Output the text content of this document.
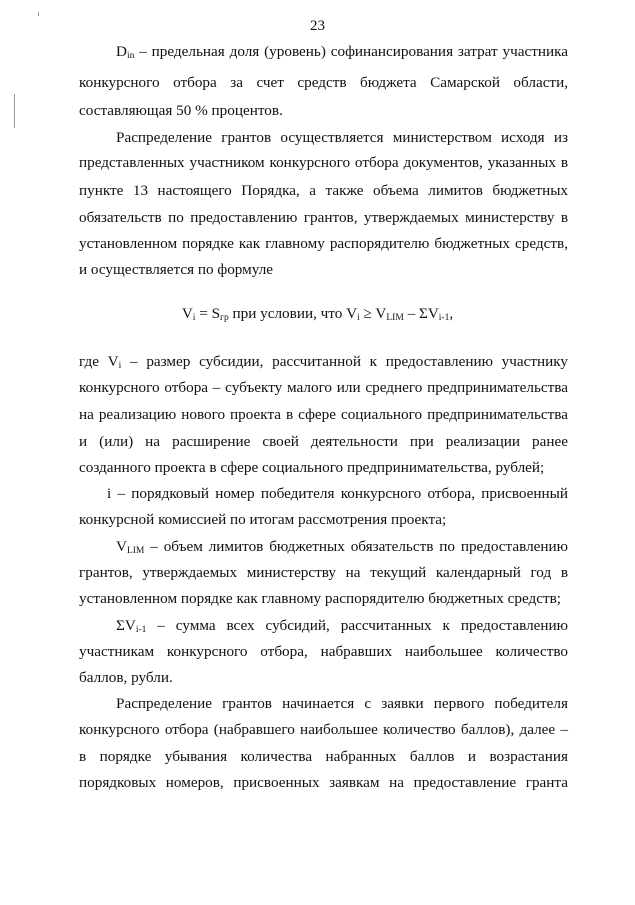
23
$D_{in}$ – предельная доля (уровень) софинансирования затрат участника
конкурсного отбора за счет средств бюджета Самарской области,
составляющая 50 % процентов.
Распределение грантов осуществляется министерством исходя из
представленных участником конкурсного отбора документов, указанных в
пункте 13 настоящего Порядка, а также объема лимитов бюджетных
обязательств по предоставлению грантов, утверждаемых министерству в
установленном порядке как главному распорядителю бюджетных средств,
и осуществляется по формуле
$V_i = S_{гр}$ при условии, что $V_i \ge V_{LIM} - \Sigma V_{i-1}$,
где $V_i$ – размер субсидии, рассчитанной к предоставлению участнику
конкурсного отбора – субъекту малого или среднего предпринимательства
на реализацию нового проекта в сфере социального предпринимательства
и (или) на расширение своей деятельности при реализации ранее
созданного проекта в сфере социального предпринимательства, рублей;
i – порядковый номер победителя конкурсного отбора, присвоенный
конкурсной комиссией по итогам рассмотрения проекта;
$V_{LIM}$ – объем лимитов бюджетных обязательств по предоставлению
грантов, утверждаемых министерству на текущий календарный год в
установленном порядке как главному распорядителю бюджетных средств;
$\Sigma V_{i-1}$ – сумма всех субсидий, рассчитанных к предоставлению
участникам конкурсного отбора, набравших наибольшее количество
баллов, рубли.
Распределение грантов начинается с заявки первого победителя
конкурсного отбора (набравшего наибольшее количество баллов), далее –
в порядке убывания количества набранных баллов и возрастания
порядковых номеров, присвоенных заявкам на предоставление гранта
